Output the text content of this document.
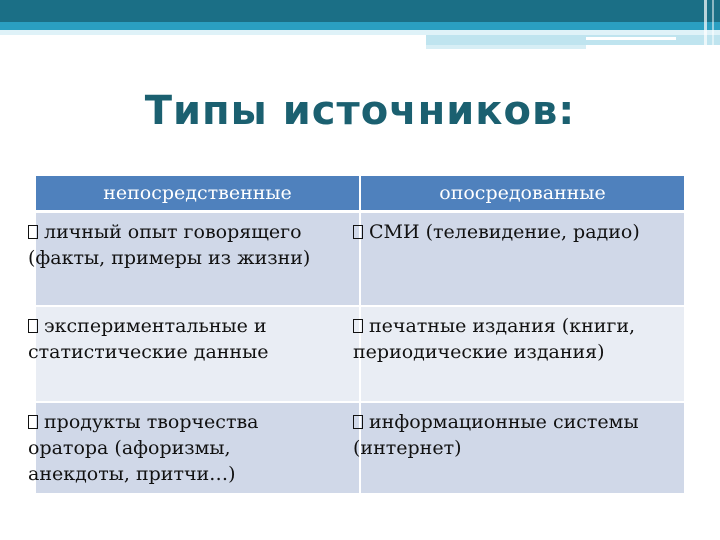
Типы источников:
непосредственные	опосредованные

личный опыт говорящего (факты, примеры из жизни)	СМИ (телевидение, радио)

экспериментальные и статистические данные	печатные издания (книги, периодические издания)

продукты творчества оратора (афоризмы, анекдоты, притчи…)	информационные системы (интернет)
